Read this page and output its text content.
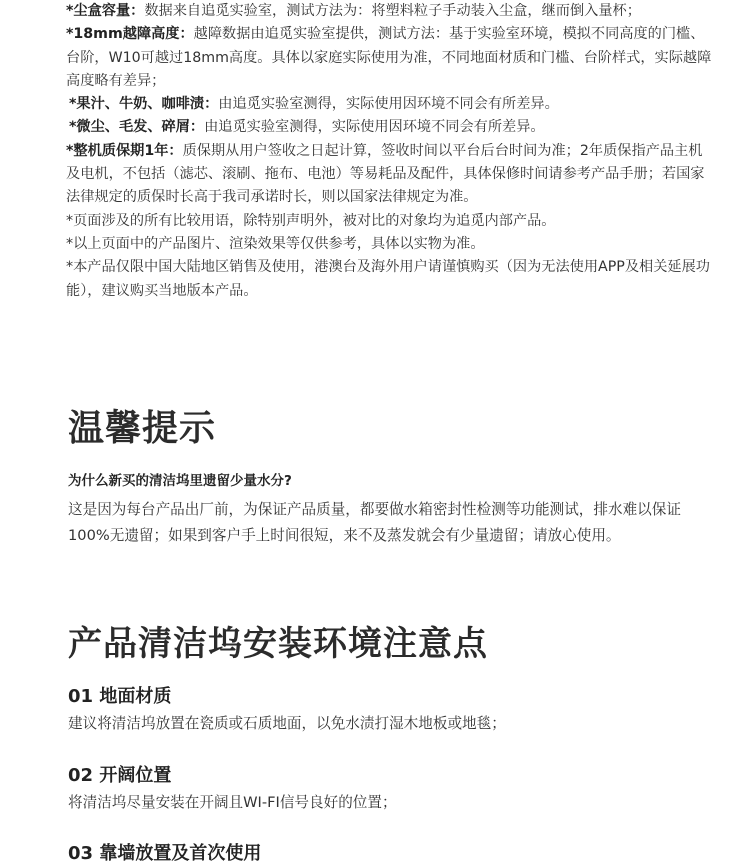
*尘盒容量：数据来自追觅实验室，测试方法为：将塑料粒子手动装入尘盒，继而倒入量杯；

*18mm越障高度：越障数据由追觅实验室提供，测试方法：基于实验室环境，模拟不同高度的门槛、台阶，W10可越过18mm高度。具体以家庭实际使用为准，不同地面材质和门槛、台阶样式，实际越障高度略有差异；

*果汁、牛奶、咖啡渍：由追觅实验室测得，实际使用因环境不同会有所差异。

*微尘、毛发、碎屑：由追觅实验室测得，实际使用因环境不同会有所差异。

*整机质保期1年：质保期从用户签收之日起计算，签收时间以平台后台时间为准；2年质保指产品主机及电机，不包括（滤芯、滚刷、拖布、电池）等易耗品及配件，具体保修时间请参考产品手册；若国家法律规定的质保时长高于我司承诺时长，则以国家法律规定为准。

*页面涉及的所有比较用语，除特别声明外，被对比的对象均为追觅内部产品。

*以上页面中的产品图片、渲染效果等仅供参考，具体以实物为准。

*本产品仅限中国大陆地区销售及使用，港澳台及海外用户请谨慎购买（因为无法使用APP及相关延展功能），建议购买当地版本产品。

温馨提示

为什么新买的清洁坞里遗留少量水分?

这是因为每台产品出厂前，为保证产品质量，都要做水箱密封性检测等功能测试，排水难以保证100%无遗留；如果到客户手上时间很短，来不及蒸发就会有少量遗留；请放心使用。

产品清洁坞安装环境注意点
01 地面材质

建议将清洁坞放置在瓷质或石质地面，以免水渍打湿木地板或地毯；

02 开阔位置

将清洁坞尽量安装在开阔且WI-FI信号良好的位置；

03 靠墙放置及首次使用
